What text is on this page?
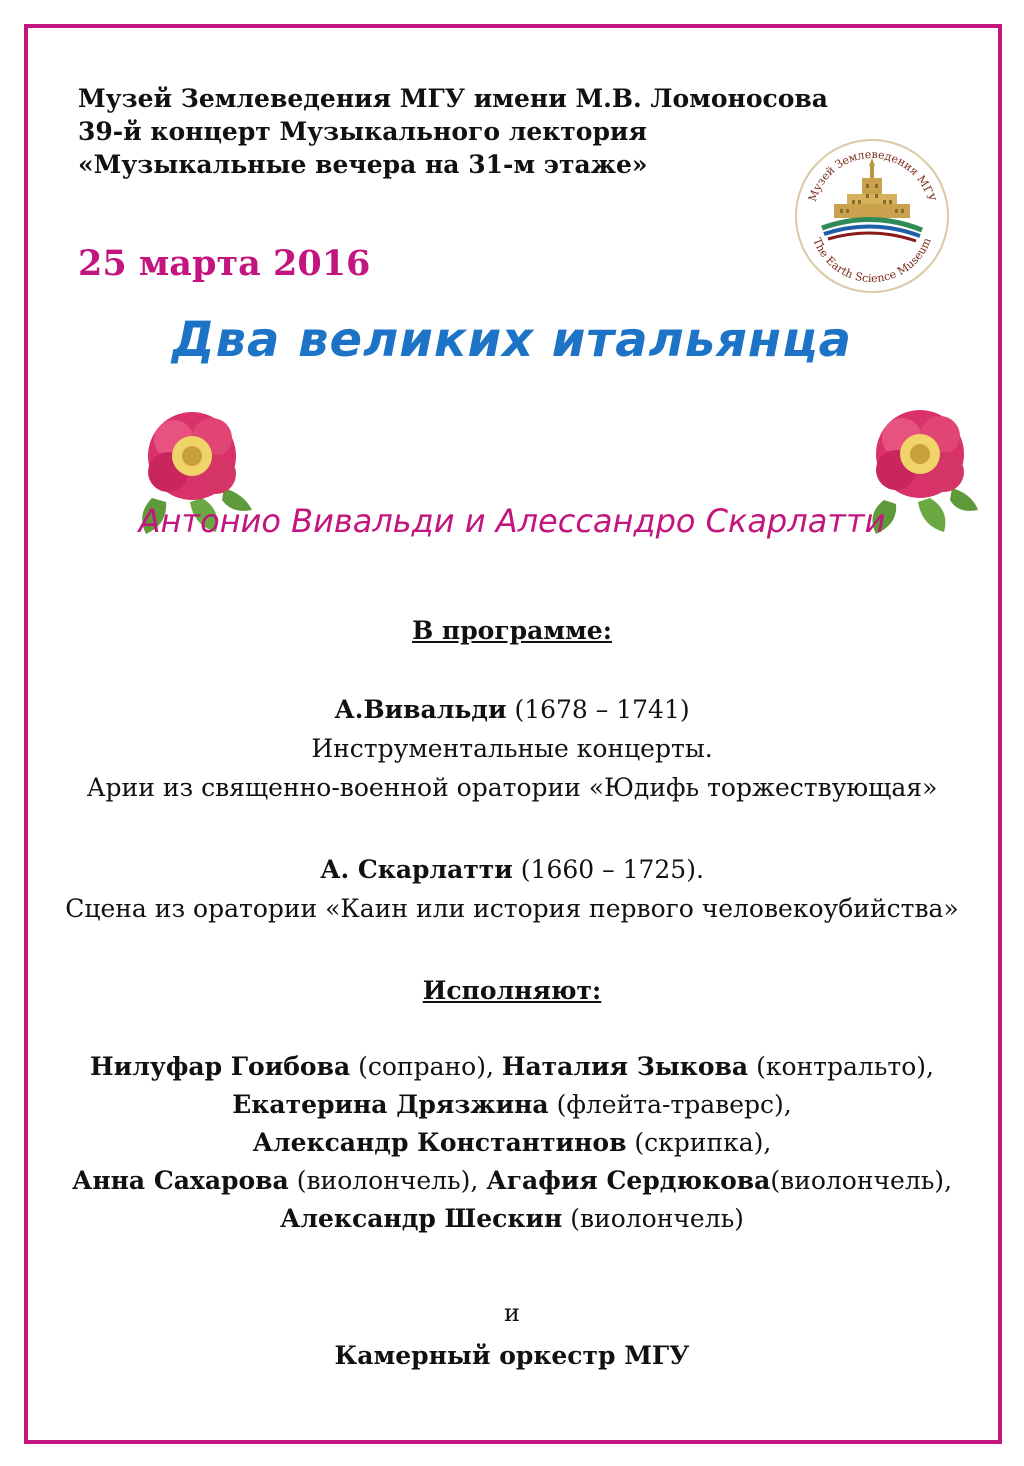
Музей Землеведения МГУ имени М.В. Ломоносова
39-й концерт Музыкального лектория
«Музыкальные вечера на 31-м этаже»
25 марта 2016
Музей Землеведения МГУ
The Earth Science Museum
Два великих итальянца
Антонио Вивальди и Алессандро Скарлатти
В программе:
А.Вивальди (1678 – 1741)
Инструментальные концерты.
Арии из священно-военной оратории «Юдифь торжествующая»
А. Скарлатти (1660 – 1725).
Сцена из оратории «Каин или история первого человекоубийства»
Исполняют:
Нилуфар Гоибова (сопрано), Наталия Зыкова (контральто),
Екатерина Дрязжина (флейта-траверс),
Александр Константинов (скрипка),
Анна Сахарова (виолончель), Агафия Сердюкова(виолончель),
Александр Шескин (виолончель)
и
Камерный оркестр МГУ
